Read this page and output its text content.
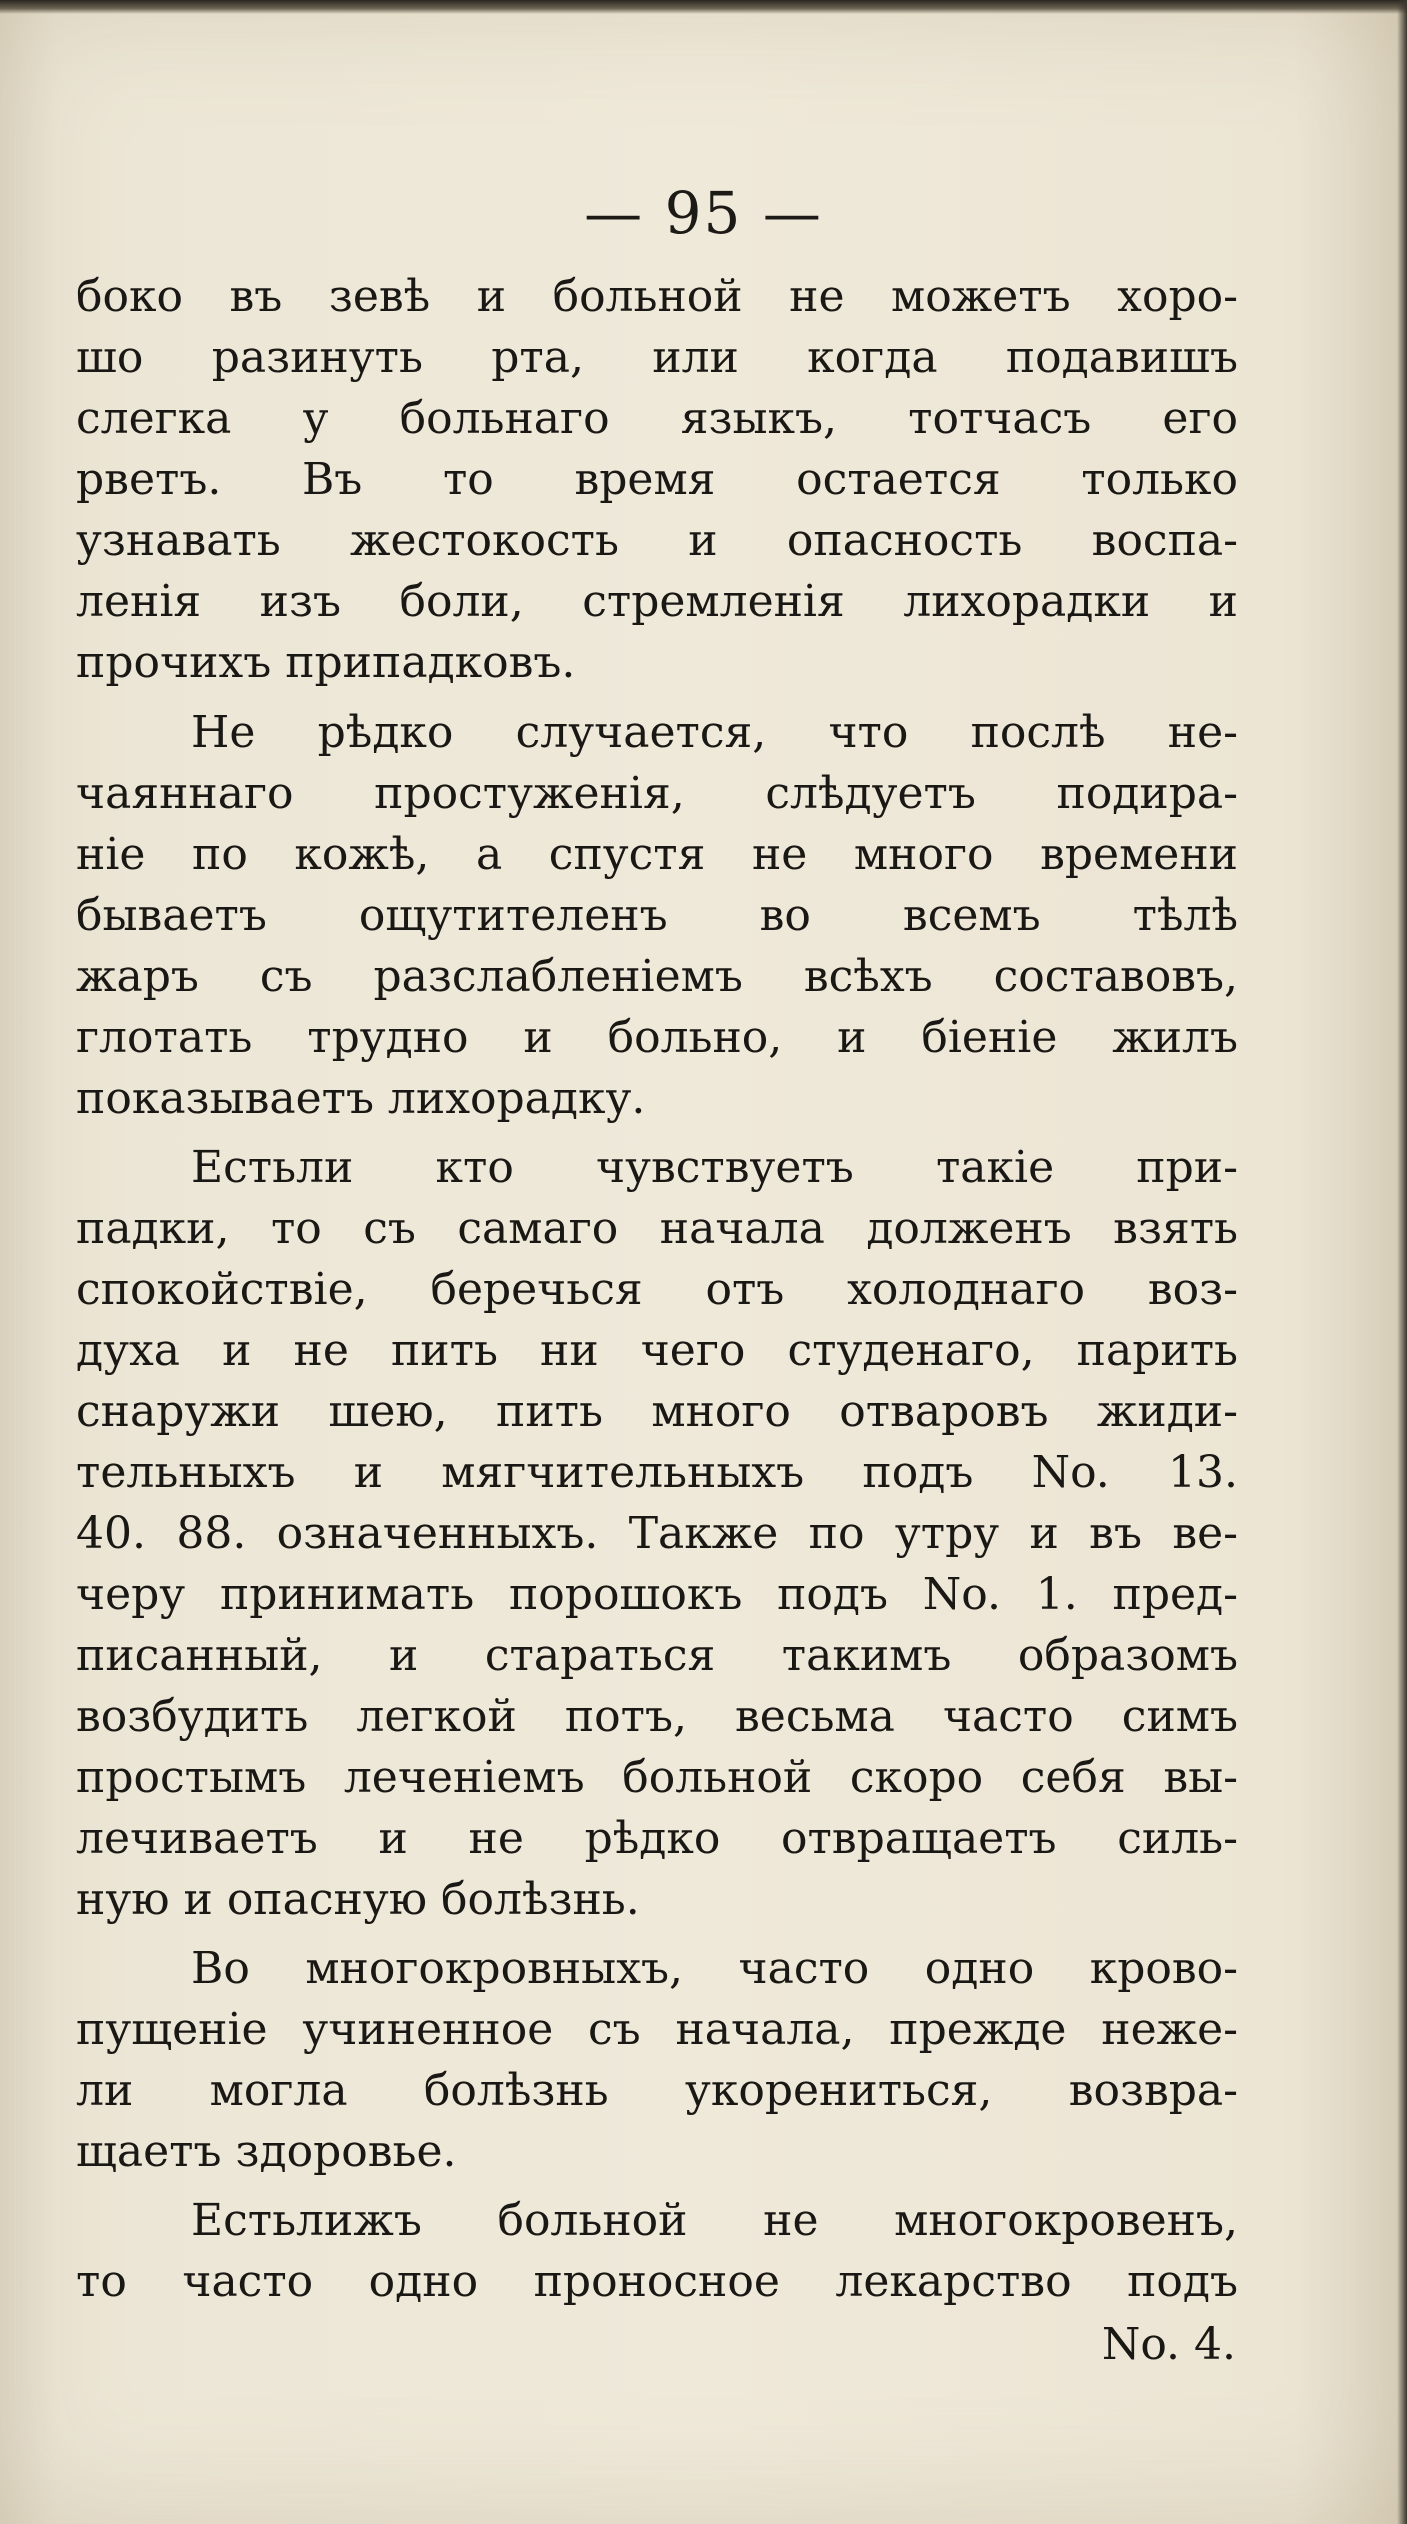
— 95 —
боко въ зевѣ и больной не можетъ хоро-
шо разинуть рта, или когда подавишъ
слегка у больнаго языкъ, тотчасъ его
рветъ. Въ то время остается только
узнавать жестокость и опасность воспа-
ленія изъ боли, стремленія лихорадки и
прочихъ припадковъ.
Не рѣдко случается, что послѣ не-
чаяннаго простуженія, слѣдуетъ подира-
ніе по кожѣ, а спустя не много времени
бываетъ ощутителенъ во всемъ тѣлѣ
жаръ съ разслабленіемъ всѣхъ составовъ,
глотать трудно и больно, и біеніе жилъ
показываетъ лихорадку.
Естьли кто чувствуетъ такіе при-
падки, то съ самаго начала долженъ взять
спокойствіе, беречься отъ холоднаго воз-
духа и не пить ни чего студенаго, парить
снаружи шею, пить много отваровъ жиди-
тельныхъ и мягчительныхъ подъ No. 13.
40. 88. означенныхъ. Также по утру и въ ве-
черу принимать порошокъ подъ No. 1. пред-
писанный, и стараться такимъ образомъ
возбудить легкой потъ, весьма часто симъ
простымъ леченіемъ больной скоро себя вы-
лечиваетъ и не рѣдко отвращаетъ силь-
ную и опасную болѣзнь.
Во многокровныхъ, часто одно крово-
пущеніе учиненное съ начала, прежде неже-
ли могла болѣзнь укорениться, возвра-
щаетъ здоровье.
Естьлижъ больной не многокровенъ,
то часто одно проносное лекарство подъ
No. 4.
